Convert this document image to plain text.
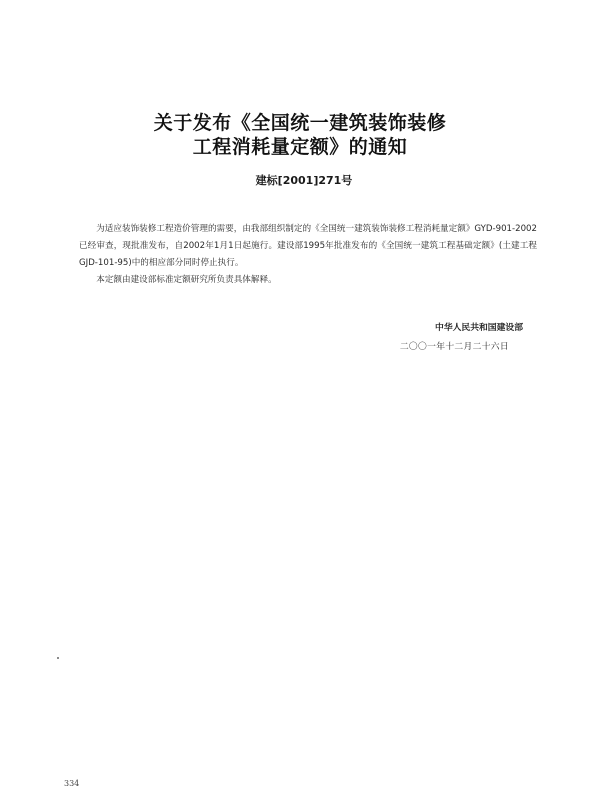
关于发布《全国统一建筑装饰装修
工程消耗量定额》的通知
建标[2001]271号

为适应装饰装修工程造价管理的需要，由我部组织制定的《全国统一建筑装饰装修工程消耗量定额》GYD-901-2002已经审查，现批准发布，自2002年1月1日起施行。建设部1995年批准发布的《全国统一建筑工程基础定额》(土建工程GJD-101-95)中的相应部分同时停止执行。

本定额由建设部标准定额研究所负责具体解释。

中华人民共和国建设部
二〇〇一年十二月二十六日
334
